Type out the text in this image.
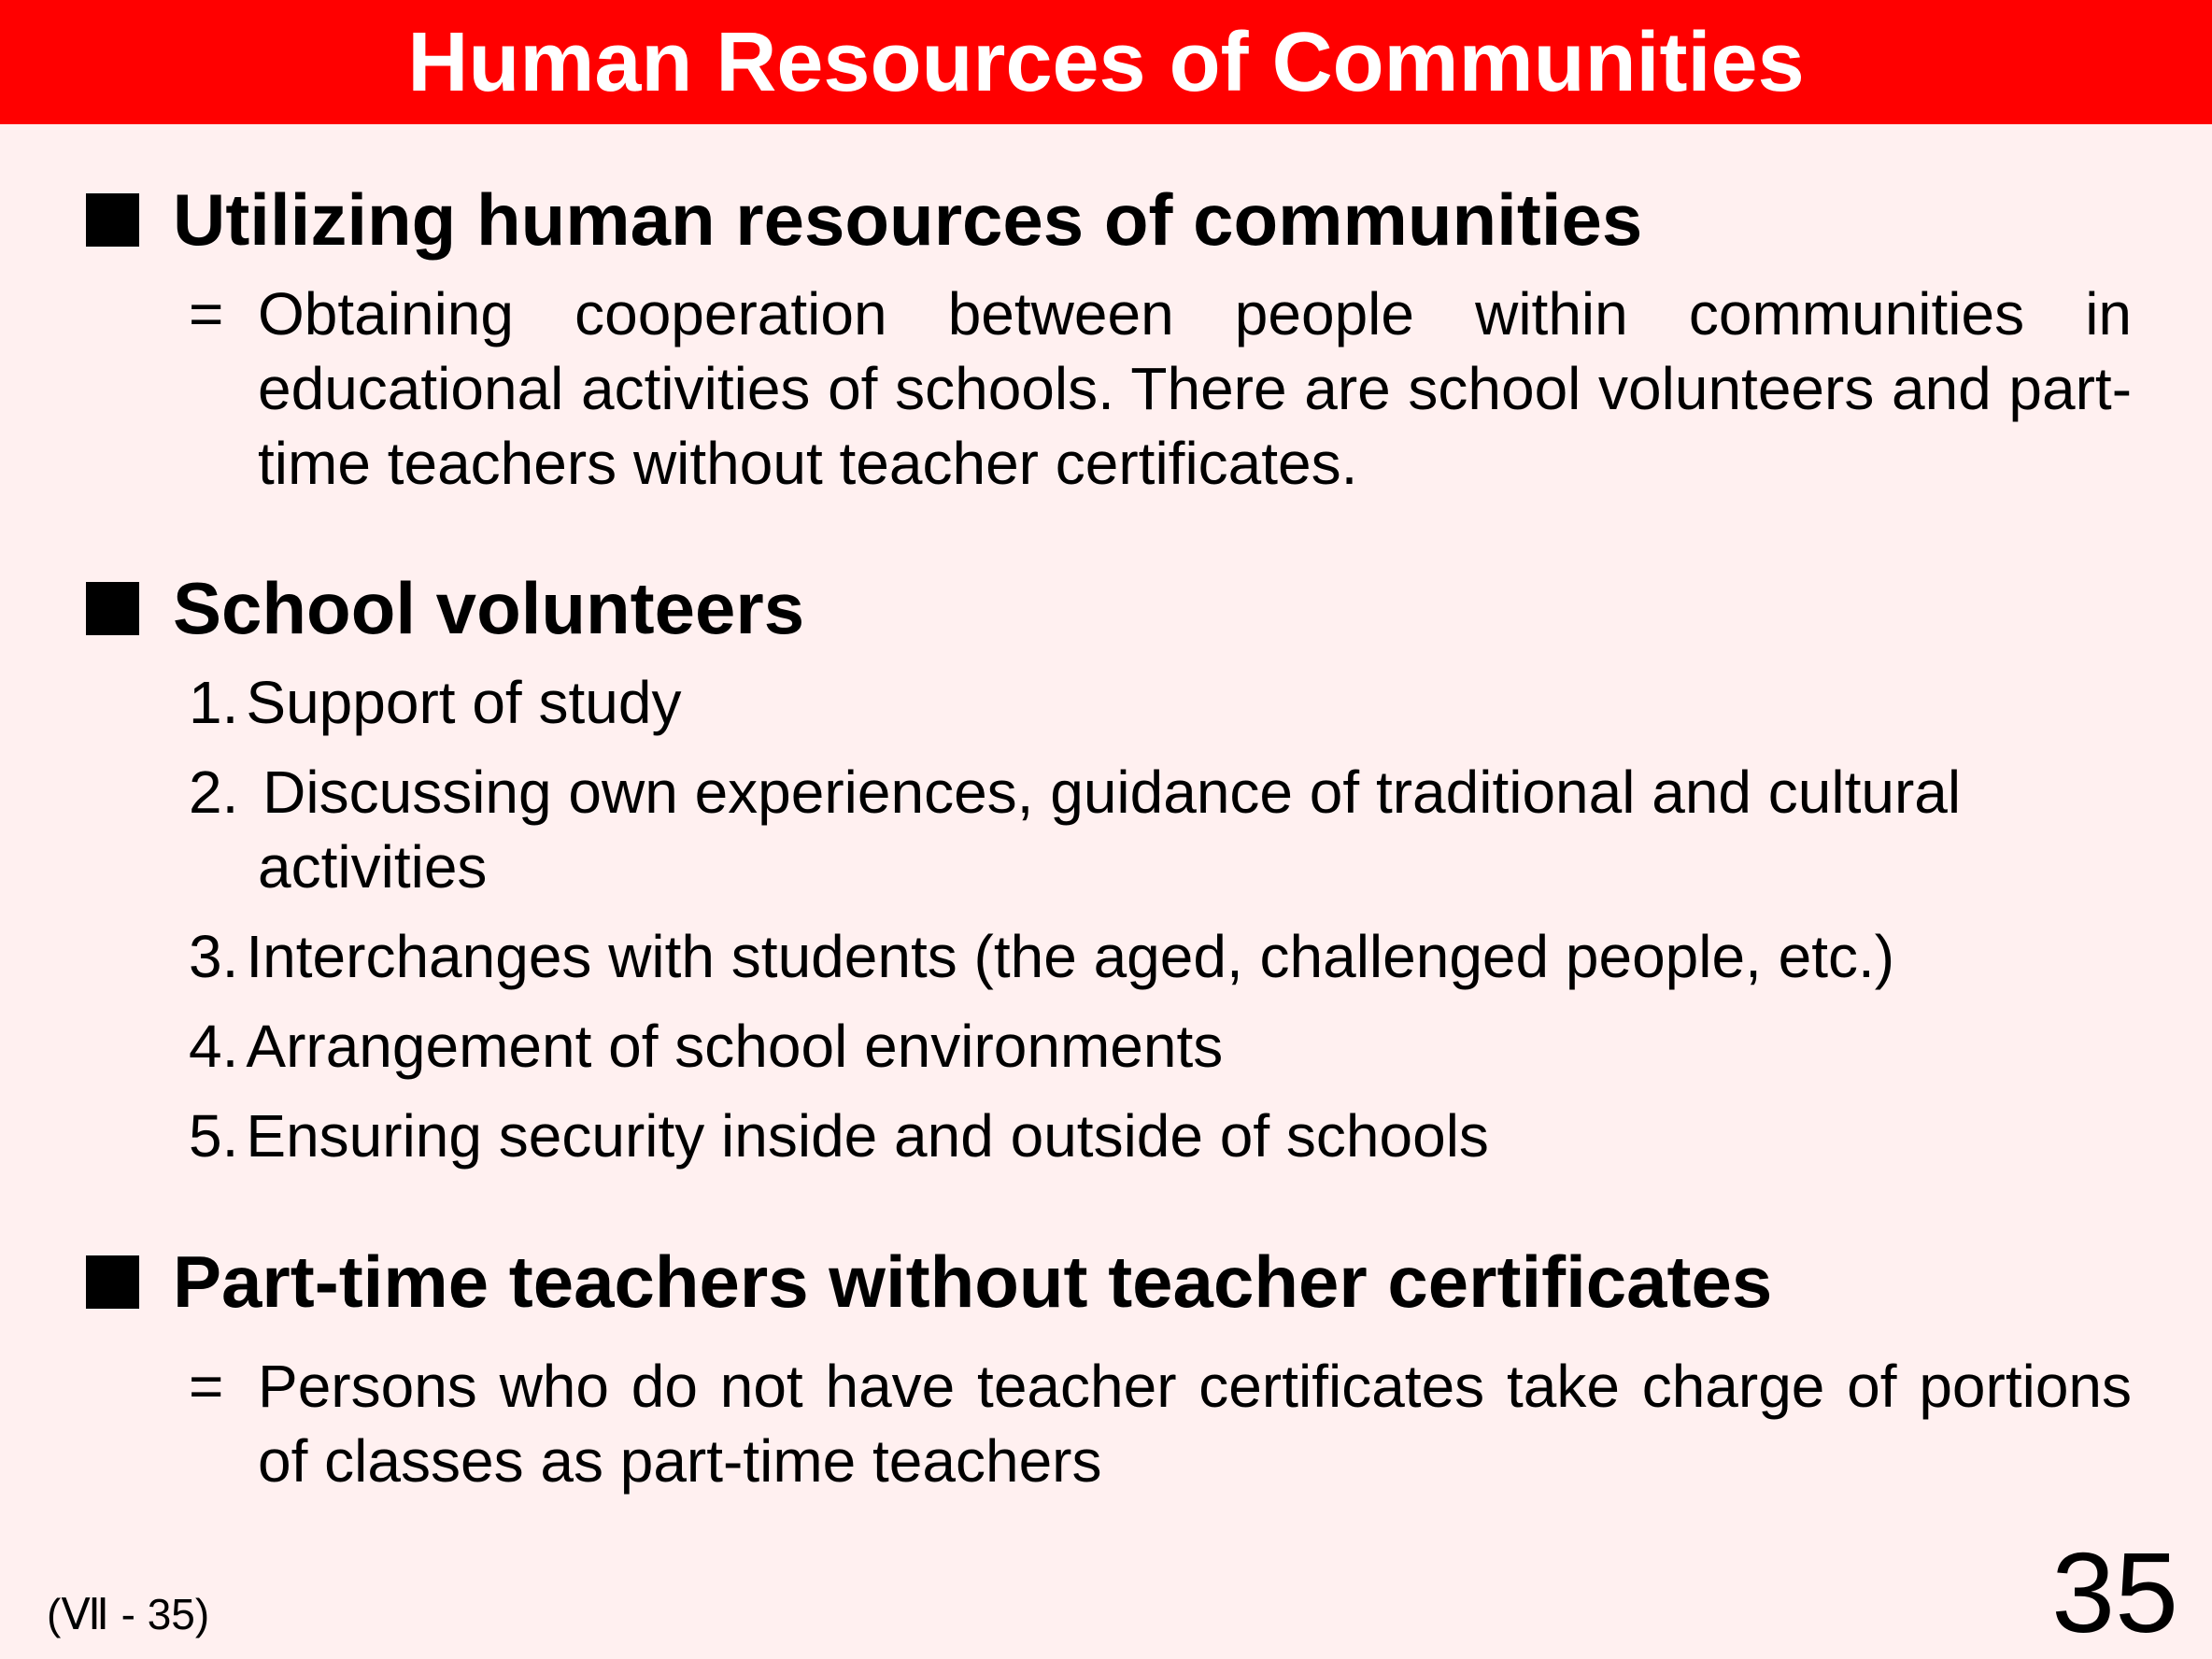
Human Resources of Communities
Utilizing human resources of communities
= Obtaining cooperation between people within communities in educational activities of schools. There are school volunteers and part-time teachers without teacher certificates.
School volunteers
1. Support of study
2. Discussing own experiences, guidance of traditional and cultural
activities
3. Interchanges with students (the aged, challenged people, etc.)
4. Arrangement of school environments
5. Ensuring security inside and outside of schools
Part-time teachers without teacher certificates
= Persons who do not have teacher certificates take charge of portions of classes as part-time teachers
(Ⅶ - 35)	35
